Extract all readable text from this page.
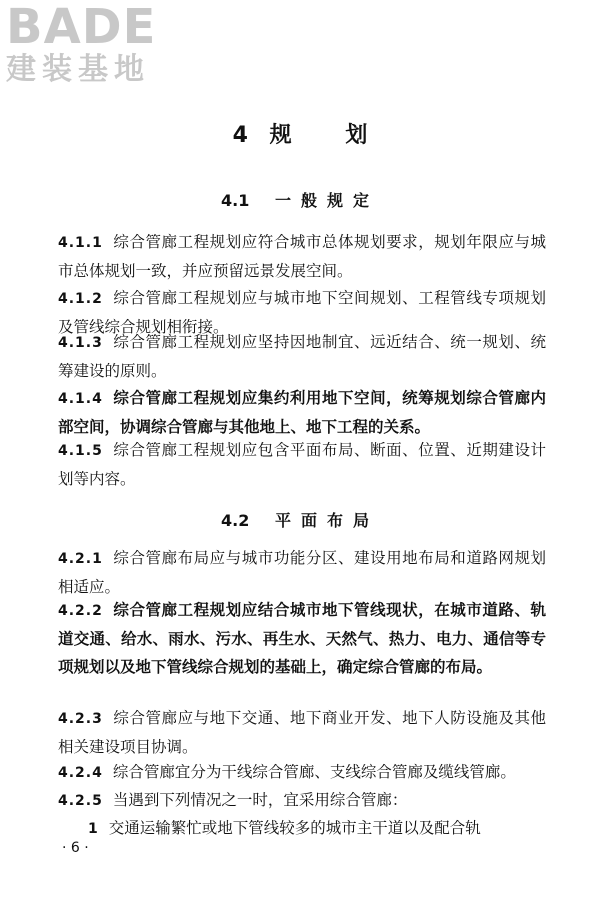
BADE
建装基地
4 规 划
4.1 一般规定
4.1.1 综合管廊工程规划应符合城市总体规划要求，规划年限应与城市总体规划一致，并应预留远景发展空间。
4.1.2 综合管廊工程规划应与城市地下空间规划、工程管线专项规划及管线综合规划相衔接。
4.1.3 综合管廊工程规划应坚持因地制宜、远近结合、统一规划、统筹建设的原则。
4.1.4 综合管廊工程规划应集约利用地下空间，统筹规划综合管廊内部空间，协调综合管廊与其他地上、地下工程的关系。
4.1.5 综合管廊工程规划应包含平面布局、断面、位置、近期建设计划等内容。
4.2 平面布局
4.2.1 综合管廊布局应与城市功能分区、建设用地布局和道路网规划相适应。
4.2.2 综合管廊工程规划应结合城市地下管线现状，在城市道路、轨道交通、给水、雨水、污水、再生水、天然气、热力、电力、通信等专项规划以及地下管线综合规划的基础上，确定综合管廊的布局。
4.2.3 综合管廊应与地下交通、地下商业开发、地下人防设施及其他相关建设项目协调。
4.2.4 综合管廊宜分为干线综合管廊、支线综合管廊及缆线管廊。
4.2.5 当遇到下列情况之一时，宜采用综合管廊：
1 交通运输繁忙或地下管线较多的城市主干道以及配合轨
· 6 ·
